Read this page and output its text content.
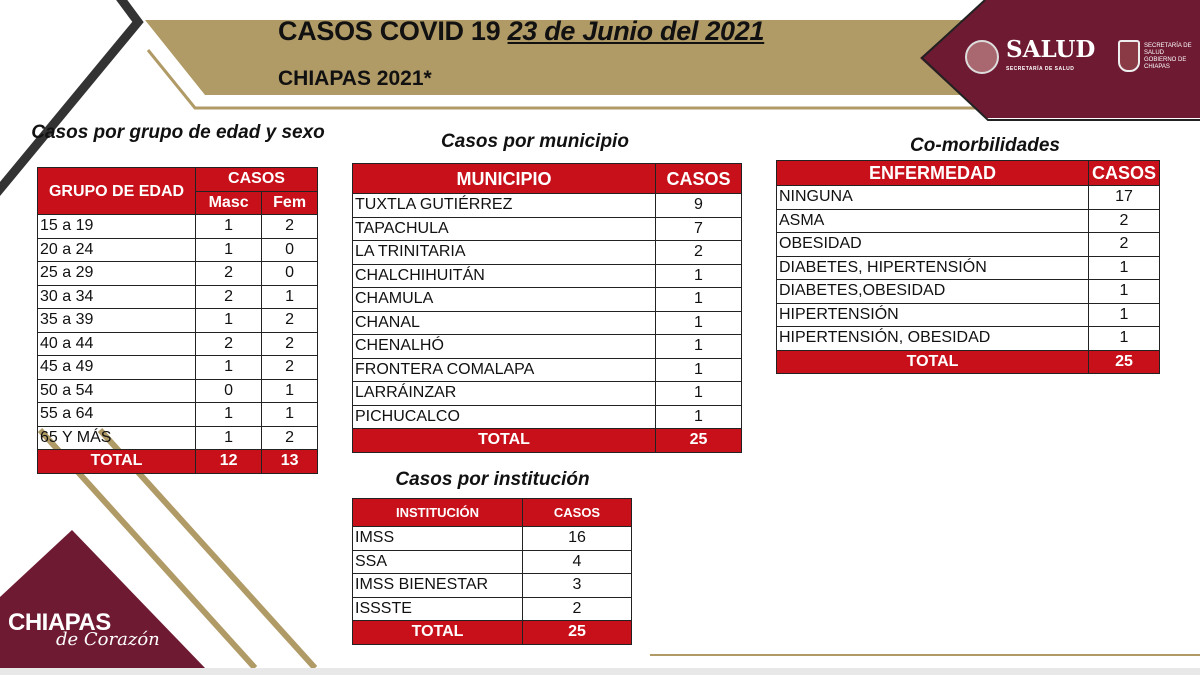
CASOS COVID 19 23 de Junio del 2021
CHIAPAS 2021*
SALUD
SECRETARÍA DE SALUD
SECRETARÍA DE SALUD
GOBIERNO DE CHIAPAS
CHIAPAS
de Corazón
Casos por grupo de edad y sexo	Casos por municipio	Co-morbilidades
Casos por institución
GRUPO DE EDAD	CASOS	
	Masc	Fem
15 a 19	1	2
20 a 24	1	0
25 a 29	2	0
30 a 34	2	1
35 a 39	1	2
40 a 44	2	2
45 a 49	1	2
50 a 54	0	1
55 a 64	1	1
65 Y MÁS	1	2
TOTAL	12	13
MUNICIPIO	CASOS
TUXTLA GUTIÉRREZ	9
TAPACHULA	7
LA TRINITARIA	2
CHALCHIHUITÁN	1
CHAMULA	1
CHANAL	1
CHENALHÓ	1
FRONTERA COMALAPA	1
LARRÁINZAR	1
PICHUCALCO	1
TOTAL	25
INSTITUCIÓN	CASOS
IMSS	16
SSA	4
IMSS BIENESTAR	3
ISSSTE	2
TOTAL	25
ENFERMEDAD	CASOS
NINGUNA	17
ASMA	2
OBESIDAD	2
DIABETES, HIPERTENSIÓN	1
DIABETES,OBESIDAD	1
HIPERTENSIÓN	1
HIPERTENSIÓN, OBESIDAD	1
TOTAL	25
